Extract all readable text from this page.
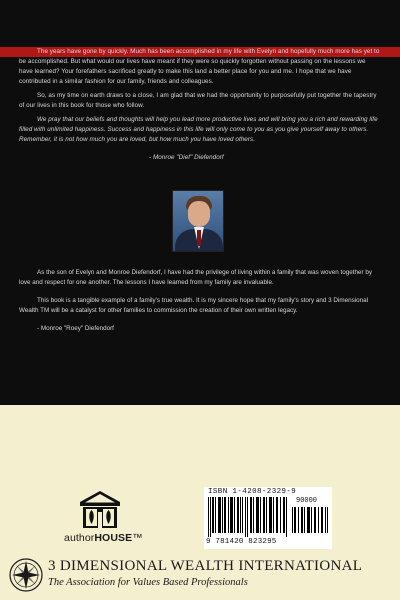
The years have gone by quickly. Much has been accomplished in my life with Evelyn and hopefully much more has yet to be accomplished. But what would our lives have meant if they were so quickly forgotten without passing on the lessons we have learned? Your forefathers sacrificed greatly to make this land a better place for you and me. I hope that we have contributed in a similar fashion for our family, friends and colleagues.

So, as my time on earth draws to a close, I am glad that we had the opportunity to purposefully put together the tapestry of our lives in this book for those who follow.

We pray that our beliefs and thoughts will help you lead more productive lives and will bring you a rich and rewarding life filled with unlimited happiness. Success and happiness in this life will only come to you as you give yourself away to others. Remember, it is not how much you are loved, but how much you have loved others.

- Monroe "Dief" Diefendorf

As the son of Evelyn and Monroe Diefendorf, I have had the privilege of living within a family that was woven together by love and respect for one another. The lessons I have learned from my family are invaluable.

This book is a tangible example of a family's true wealth. It is my sincere hope that my family's story and 3 Dimensional Wealth TM will be a catalyst for other families to commission the creation of their own written legacy.

- Monroe "Roey" Diefendorf

authorHOUSE™
ISBN 1-4208-2329-9
90000
9 781420 823295
3 DIMENSIONAL WEALTH INTERNATIONAL
The Association for Values Based Professionals
